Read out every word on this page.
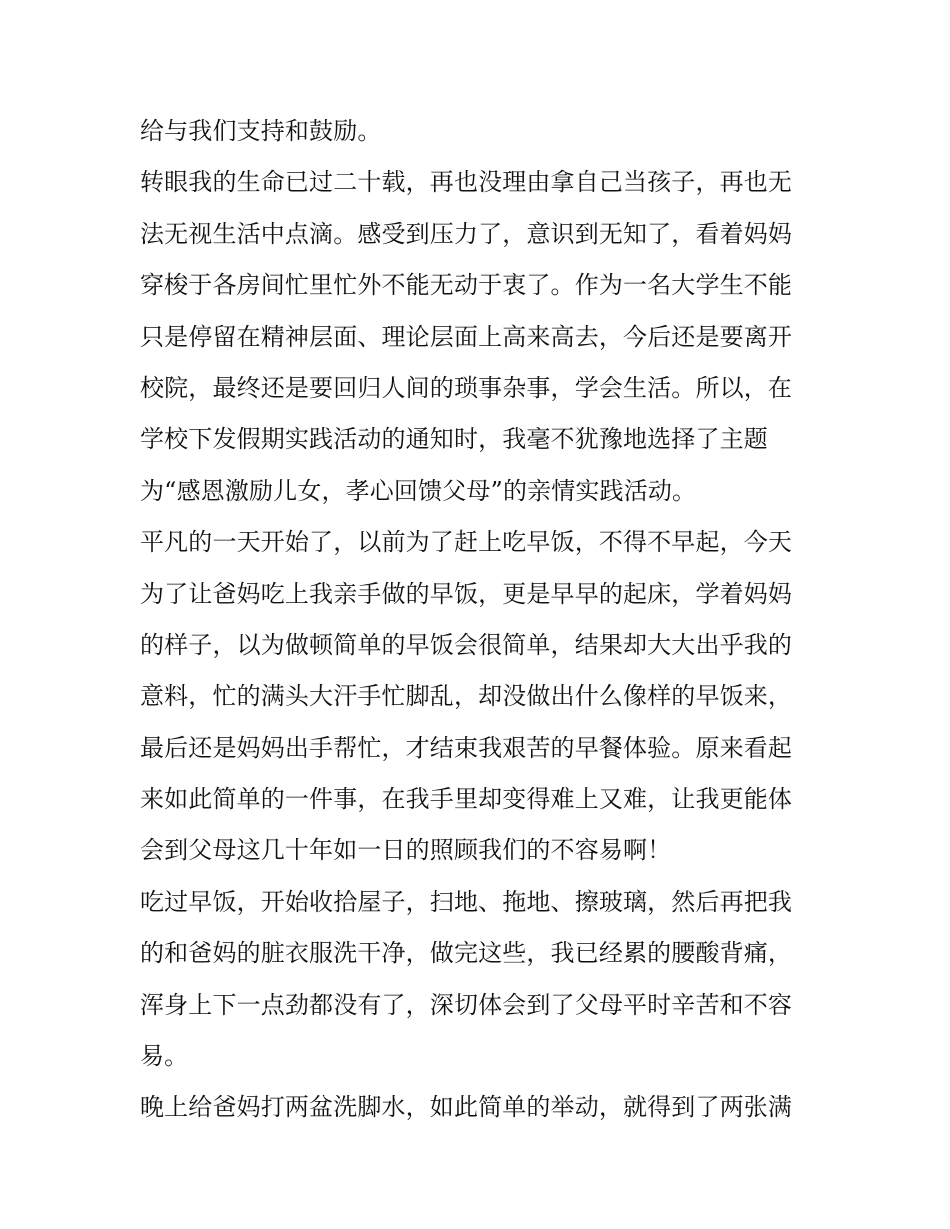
给与我们支持和鼓励。
转眼我的生命已过二十载，再也没理由拿自己当孩子，再也无
法无视生活中点滴。感受到压力了，意识到无知了，看着妈妈
穿梭于各房间忙里忙外不能无动于衷了。作为一名大学生不能
只是停留在精神层面、理论层面上高来高去，今后还是要离开
校院，最终还是要回归人间的琐事杂事，学会生活。所以，在
学校下发假期实践活动的通知时，我毫不犹豫地选择了主题
为“感恩激励儿女，孝心回馈父母”的亲情实践活动。
平凡的一天开始了，以前为了赶上吃早饭，不得不早起，今天
为了让爸妈吃上我亲手做的早饭，更是早早的起床，学着妈妈
的样子，以为做顿简单的早饭会很简单，结果却大大出乎我的
意料，忙的满头大汗手忙脚乱，却没做出什么像样的早饭来，
最后还是妈妈出手帮忙，才结束我艰苦的早餐体验。原来看起
来如此简单的一件事，在我手里却变得难上又难，让我更能体
会到父母这几十年如一日的照顾我们的不容易啊！
吃过早饭，开始收拾屋子，扫地、拖地、擦玻璃，然后再把我
的和爸妈的脏衣服洗干净，做完这些，我已经累的腰酸背痛，
浑身上下一点劲都没有了，深切体会到了父母平时辛苦和不容
易。
晚上给爸妈打两盆洗脚水，如此简单的举动，就得到了两张满
